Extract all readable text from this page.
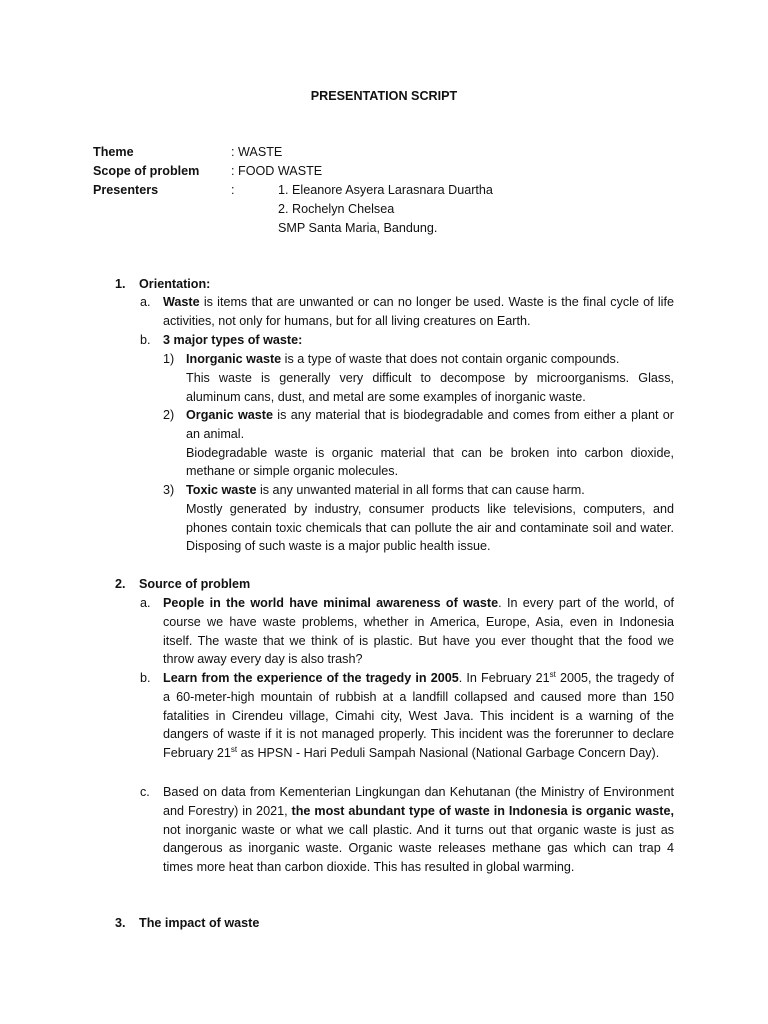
PRESENTATION SCRIPT
Theme	: WASTE
Scope of problem	: FOOD WASTE
Presenters	:	1. Eleanore Asyera Larasnara Duartha
2. Rochelyn Chelsea
SMP Santa Maria, Bandung.
1. Orientation:
a. Waste is items that are unwanted or can no longer be used. Waste is the final cycle of life activities, not only for humans, but for all living creatures on Earth.
b. 3 major types of waste:
1) Inorganic waste is a type of waste that does not contain organic compounds.
This waste is generally very difficult to decompose by microorganisms. Glass, aluminum cans, dust, and metal are some examples of inorganic waste.
2) Organic waste is any material that is biodegradable and comes from either a plant or an animal.
Biodegradable waste is organic material that can be broken into carbon dioxide, methane or simple organic molecules.
3) Toxic waste is any unwanted material in all forms that can cause harm.
Mostly generated by industry, consumer products like televisions, computers, and phones contain toxic chemicals that can pollute the air and contaminate soil and water. Disposing of such waste is a major public health issue.
2. Source of problem
a. People in the world have minimal awareness of waste. In every part of the world, of course we have waste problems, whether in America, Europe, Asia, even in Indonesia itself. The waste that we think of is plastic. But have you ever thought that the food we throw away every day is also trash?
b. Learn from the experience of the tragedy in 2005. In February 21st 2005, the tragedy of a 60-meter-high mountain of rubbish at a landfill collapsed and caused more than 150 fatalities in Cirendeu village, Cimahi city, West Java. This incident is a warning of the dangers of waste if it is not managed properly. This incident was the forerunner to declare February 21st as HPSN - Hari Peduli Sampah Nasional (National Garbage Concern Day).
c. Based on data from Kementerian Lingkungan dan Kehutanan (the Ministry of Environment and Forestry) in 2021, the most abundant type of waste in Indonesia is organic waste, not inorganic waste or what we call plastic. And it turns out that organic waste is just as dangerous as inorganic waste. Organic waste releases methane gas which can trap 4 times more heat than carbon dioxide. This has resulted in global warming.
3. The impact of waste
